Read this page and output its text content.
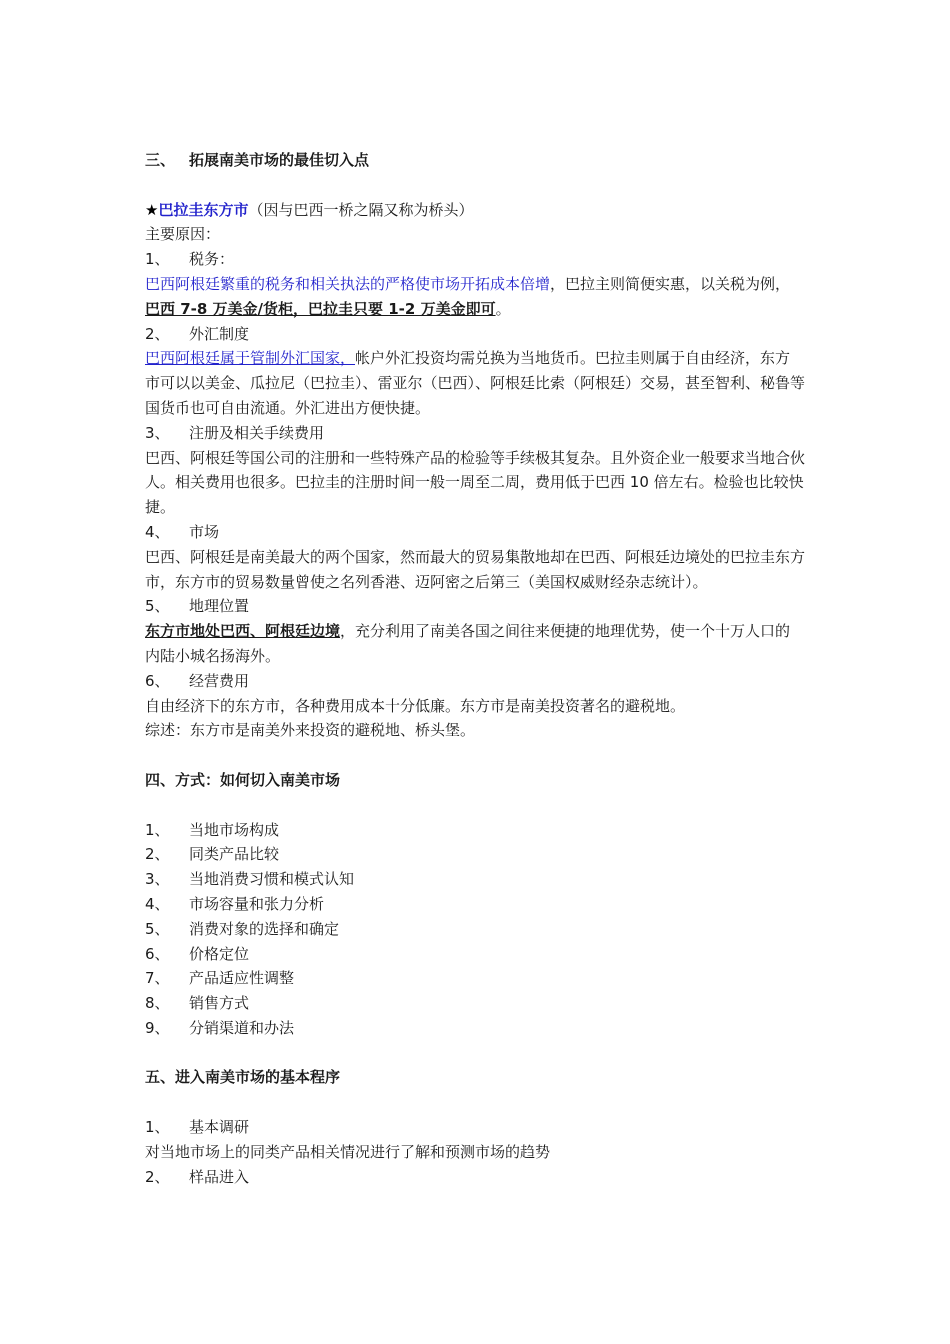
三、 拓展南美市场的最佳切入点
★巴拉圭东方市（因与巴西一桥之隔又称为桥头）
主要原因：
1、 税务：
巴西阿根廷繁重的税务和相关执法的严格使市场开拓成本倍增，巴拉主则简便实惠，以关税为例，巴西 7-8 万美金/货柜，巴拉圭只要 1-2 万美金即可。
2、 外汇制度
巴西阿根廷属于管制外汇国家，帐户外汇投资均需兑换为当地货币。巴拉圭则属于自由经济，东方市可以以美金、瓜拉尼（巴拉圭）、雷亚尔（巴西）、阿根廷比索（阿根廷）交易，甚至智利、秘鲁等国货币也可自由流通。外汇进出方便快捷。
3、 注册及相关手续费用
巴西、阿根廷等国公司的注册和一些特殊产品的检验等手续极其复杂。且外资企业一般要求当地合伙人。相关费用也很多。巴拉圭的注册时间一般一周至二周，费用低于巴西 10 倍左右。检验也比较快捷。
4、 市场
巴西、阿根廷是南美最大的两个国家，然而最大的贸易集散地却在巴西、阿根廷边境处的巴拉圭东方市，东方市的贸易数量曾使之名列香港、迈阿密之后第三（美国权威财经杂志统计）。
5、 地理位置
东方市地处巴西、阿根廷边境，充分利用了南美各国之间往来便捷的地理优势，使一个十万人口的内陆小城名扬海外。
6、 经营费用
自由经济下的东方市，各种费用成本十分低廉。东方市是南美投资著名的避税地。
综述：东方市是南美外来投资的避税地、桥头堡。
四、方式：如何切入南美市场
1、 当地市场构成
2、 同类产品比较
3、 当地消费习惯和模式认知
4、 市场容量和张力分析
5、 消费对象的选择和确定
6、 价格定位
7、 产品适应性调整
8、 销售方式
9、 分销渠道和办法
五、进入南美市场的基本程序
1、 基本调研
对当地市场上的同类产品相关情况进行了解和预测市场的趋势
2、 样品进入
